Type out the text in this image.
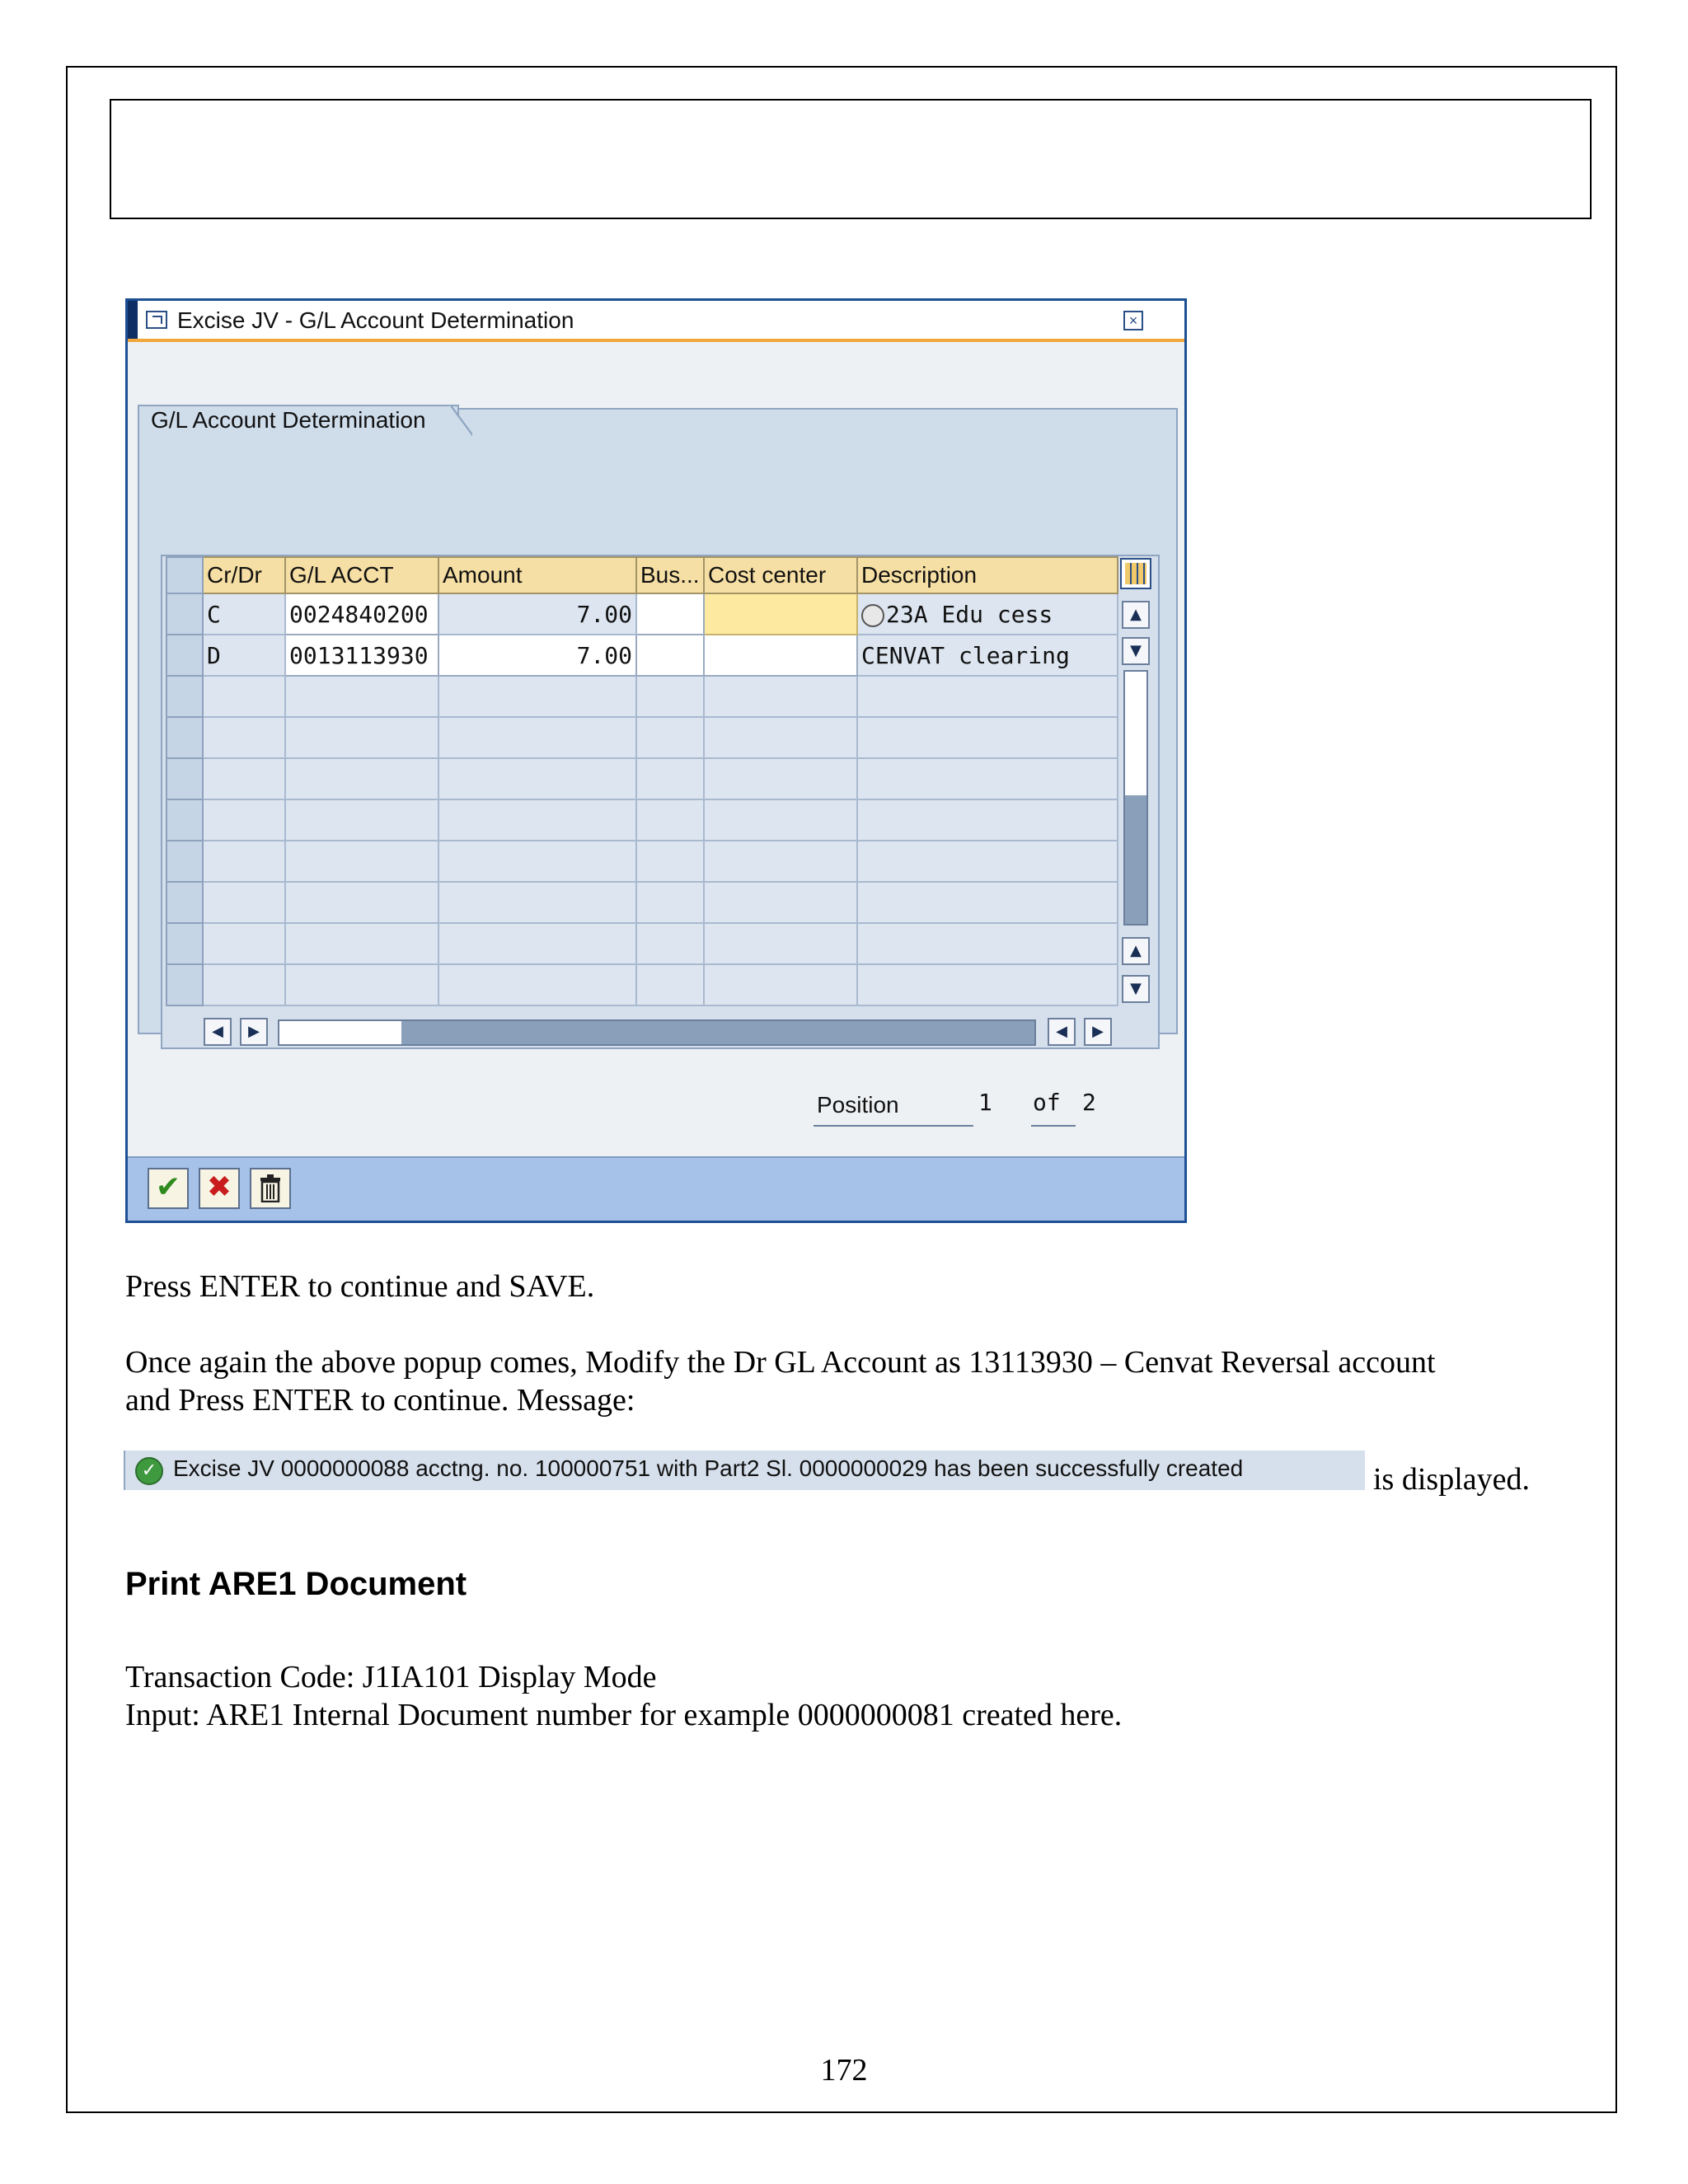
Excise JV - G/L Account Determination	×
	Cr/Dr	G/L ACCT	Amount	Bus...	Cost center	Description
	C	0024840200	7.00			23A Edu cess
	D	0013113930	7.00			CENVAT clearing

▲
▼
▲
▼
◀	▶	◀	▶
G/L Account Determination
Position	1 of 2
✔ ✖
Press ENTER to continue and SAVE.
Once again the above popup comes, Modify the Dr GL Account as 13113930 – Cenvat Reversal account
and Press ENTER to continue. Message:
✓ Excise JV 0000000088 acctng. no. 100000751 with Part2 Sl. 0000000029 has been successfully created	is displayed.
Print ARE1 Document
Transaction Code: J1IA101 Display Mode
Input: ARE1 Internal Document number for example 0000000081 created here.
172
